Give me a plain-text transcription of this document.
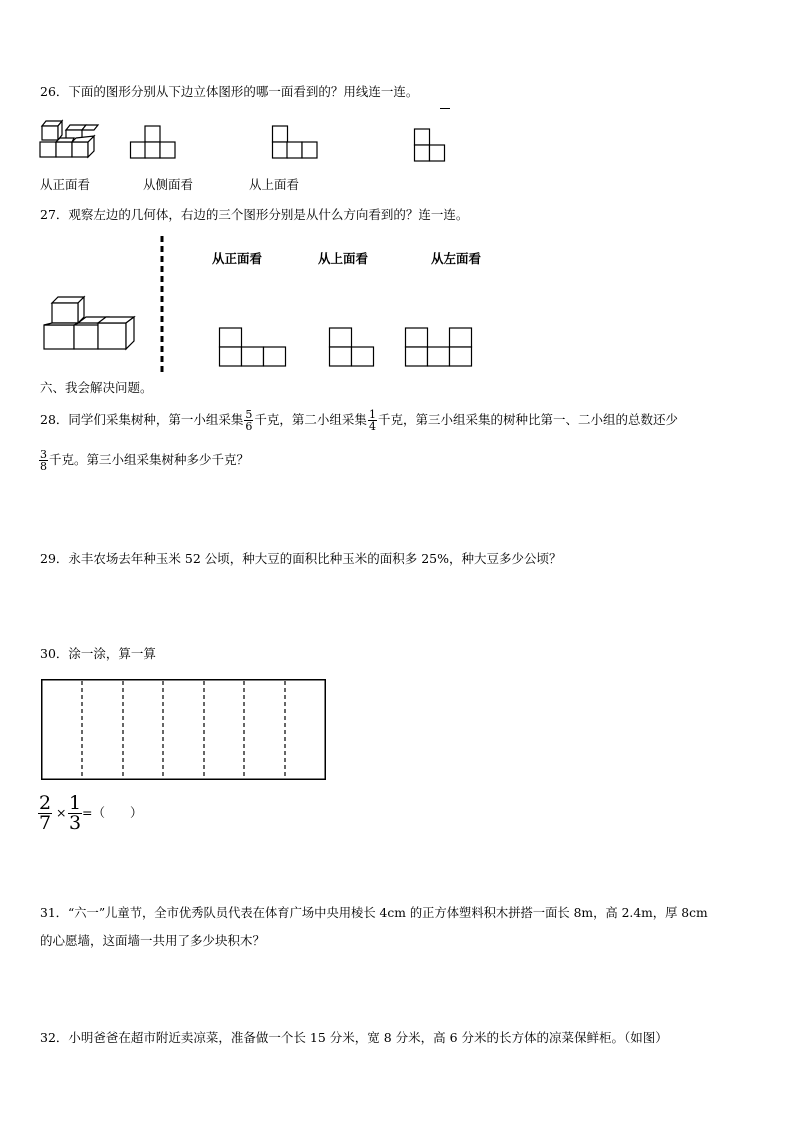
26．下面的图形分别从下边立体图形的哪一面看到的？用线连一连。
从正面看	从侧面看	从上面看
27．观察左边的几何体，右边的三个图形分别是从什么方向看到的？连一连。
从正面看	从上面看	从左面看
六、我会解决问题。
28．同学们采集树种，第一小组采集 $\frac{5}{6}$ 千克，第二小组采集 $\frac{1}{4}$ 千克，第三小组采集的树种比第一、二小组的总数还少
$\frac{3}{8}$ 千克。第三小组采集树种多少千克？
29．永丰农场去年种玉米 52 公顷，种大豆的面积比种玉米的面积多 25%，种大豆多少公顷？
30．涂一涂，算一算
$\frac{2}{7} \times \frac{1}{3}$ =（　　）
31．“六一”儿童节，全市优秀队员代表在体育广场中央用棱长 4cm 的正方体塑料积木拼搭一面长 8m，高 2.4m，厚 8cm
的心愿墙，这面墙一共用了多少块积木？
32．小明爸爸在超市附近卖凉菜，准备做一个长 15 分米，宽 8 分米，高 6 分米的长方体的凉菜保鲜柜。（如图）
